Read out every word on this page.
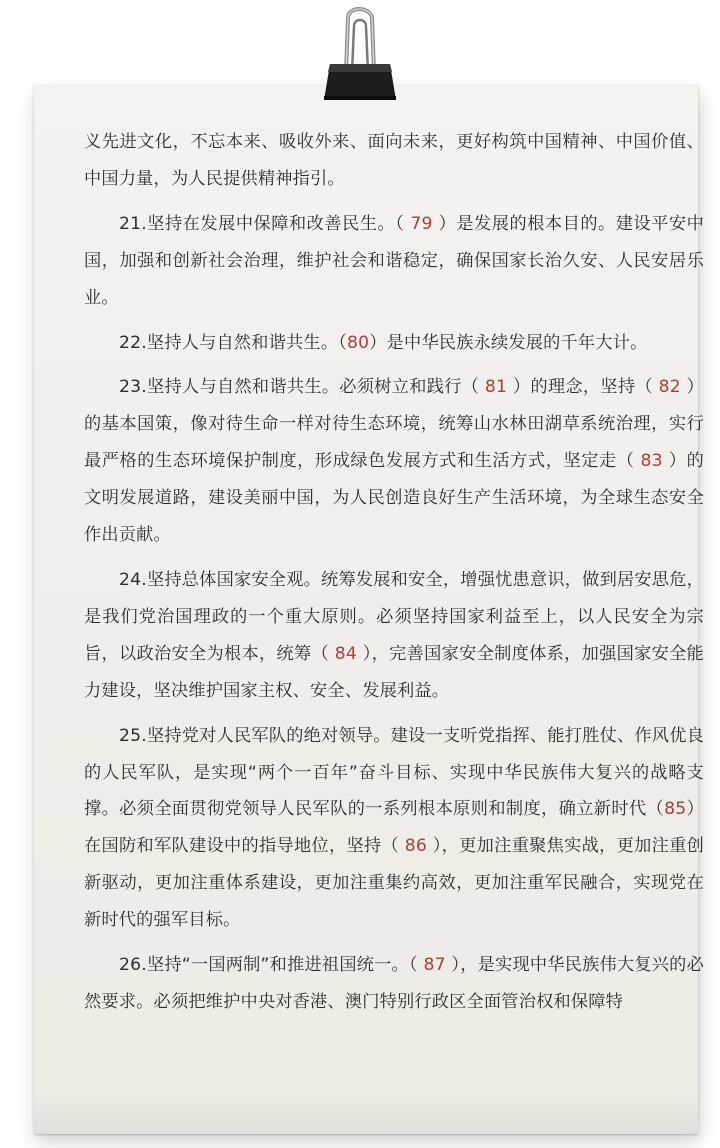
义先进文化，不忘本来、吸收外来、面向未来，更好构筑中国精神、中国价值、中国力量，为人民提供精神指引。

21.坚持在发展中保障和改善民生。（ 79 ）是发展的根本目的。建设平安中国，加强和创新社会治理，维护社会和谐稳定，确保国家长治久安、人民安居乐业。

22.坚持人与自然和谐共生。（80）是中华民族永续发展的千年大计。

23.坚持人与自然和谐共生。必须树立和践行（ 81 ）的理念，坚持（ 82 ）的基本国策，像对待生命一样对待生态环境，统筹山水林田湖草系统治理，实行最严格的生态环境保护制度，形成绿色发展方式和生活方式，坚定走（ 83 ）的文明发展道路，建设美丽中国，为人民创造良好生产生活环境，为全球生态安全作出贡献。

24.坚持总体国家安全观。统筹发展和安全，增强忧患意识，做到居安思危，是我们党治国理政的一个重大原则。必须坚持国家利益至上，以人民安全为宗旨，以政治安全为根本，统筹（ 84 ），完善国家安全制度体系，加强国家安全能力建设，坚决维护国家主权、安全、发展利益。

25.坚持党对人民军队的绝对领导。建设一支听党指挥、能打胜仗、作风优良的人民军队，是实现“两个一百年”奋斗目标、实现中华民族伟大复兴的战略支撑。必须全面贯彻党领导人民军队的一系列根本原则和制度，确立新时代（85）在国防和军队建设中的指导地位，坚持（ 86 ），更加注重聚焦实战，更加注重创新驱动，更加注重体系建设，更加注重集约高效，更加注重军民融合，实现党在新时代的强军目标。

26.坚持“一国两制”和推进祖国统一。（ 87 ），是实现中华民族伟大复兴的必然要求。必须把维护中央对香港、澳门特别行政区全面管治权和保障特
